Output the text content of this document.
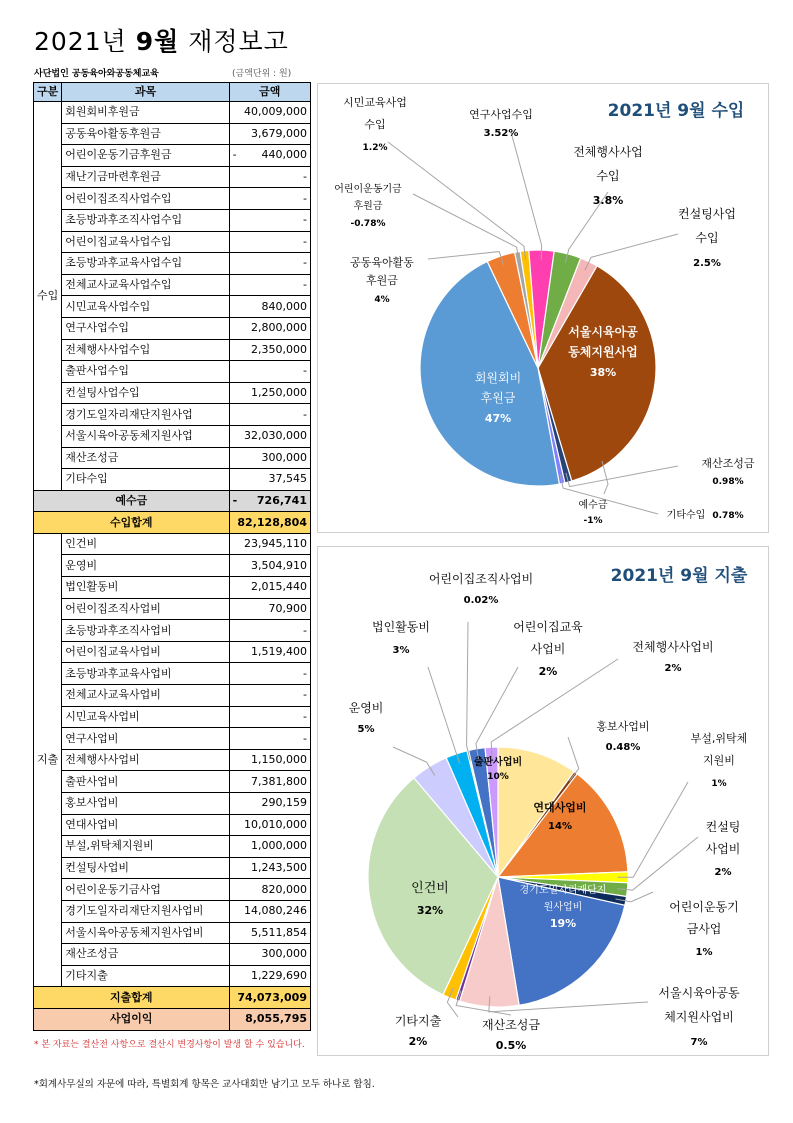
2021년 9월 재정보고
사단법인 공동육아와공동체교육	(금액단위 : 원)
구분	과목	금액
수입	회원회비후원금	40,009,000
	공동육아활동후원금	3,679,000
	어린이운동기금후원금	- 440,000
	재난기금마련후원금	-
	어린이집조직사업수입	-
	초등방과후조직사업수입	-
	어린이집교육사업수입	-
	초등방과후교육사업수입	-
	전체교사교육사업수입	-
	시민교육사업수입	840,000
	연구사업수입	2,800,000
	전체행사사업수입	2,350,000
	출판사업수입	-
	컨설팅사업수입	1,250,000
	경기도일자리재단지원사업	-
	서울시육아공동체지원사업	32,030,000
	재산조성금	300,000
	기타수입	37,545
예수금		- 726,741
수입합계		82,128,804
지출	인건비	23,945,110
	운영비	3,504,910
	법인활동비	2,015,440
	어린이집조직사업비	70,900
	초등방과후조직사업비	-
	어린이집교육사업비	1,519,400
	초등방과후교육사업비	-
	전체교사교육사업비	-
	시민교육사업비	-
	연구사업비	-
	전체행사사업비	1,150,000
	출판사업비	7,381,800
	홍보사업비	290,159
	연대사업비	10,010,000
	부설,위탁체지원비	1,000,000
	컨설팅사업비	1,243,500
	어린이운동기금사업	820,000
	경기도일자리재단지원사업비	14,080,246
	서울시육아공동체지원사업비	5,511,854
	재산조성금	300,000
	기타지출	1,229,690
지출합계		74,073,009
사업이익		8,055,795
* 본 자료는 결산전 사항으로 결산시 변경사항이 발생 할 수 있습니다.
*회계사무실의 자문에 따라, 특별회계 항목은 교사대회만 남기고 모두 하나로 합침.
2021년 9월 수입
서울시육아공
동체지원사업
38%
재산조성금
0.98%
기타수입 0.78%
회원회비
후원금
47%
공동육아활동
후원금
4%
어린이운동기금
후원금
-0.78%
시민교육사업
수입
1.2%
연구사업수입
3.52%
전체행사사업
수입
3.8%
컨설팅사업
수입
2.5%
예수금
-1%
2021년 9월 지출
출판사업비
10%
홍보사업비
0.48%
연대사업비
14%
부설,위탁체
지원비
1%
컨설팅
사업비
2%
어린이운동기
금사업
1%
경기도일자리재단지
원사업비
19%
서울시육아공동
체지원사업비
7%
재산조성금
0.5%
기타지출
2%
인건비
32%
운영비
5%
법인활동비
3%
어린이집조직사업비
0.02%
어린이집교육
사업비
2%
전체행사사업비
2%
